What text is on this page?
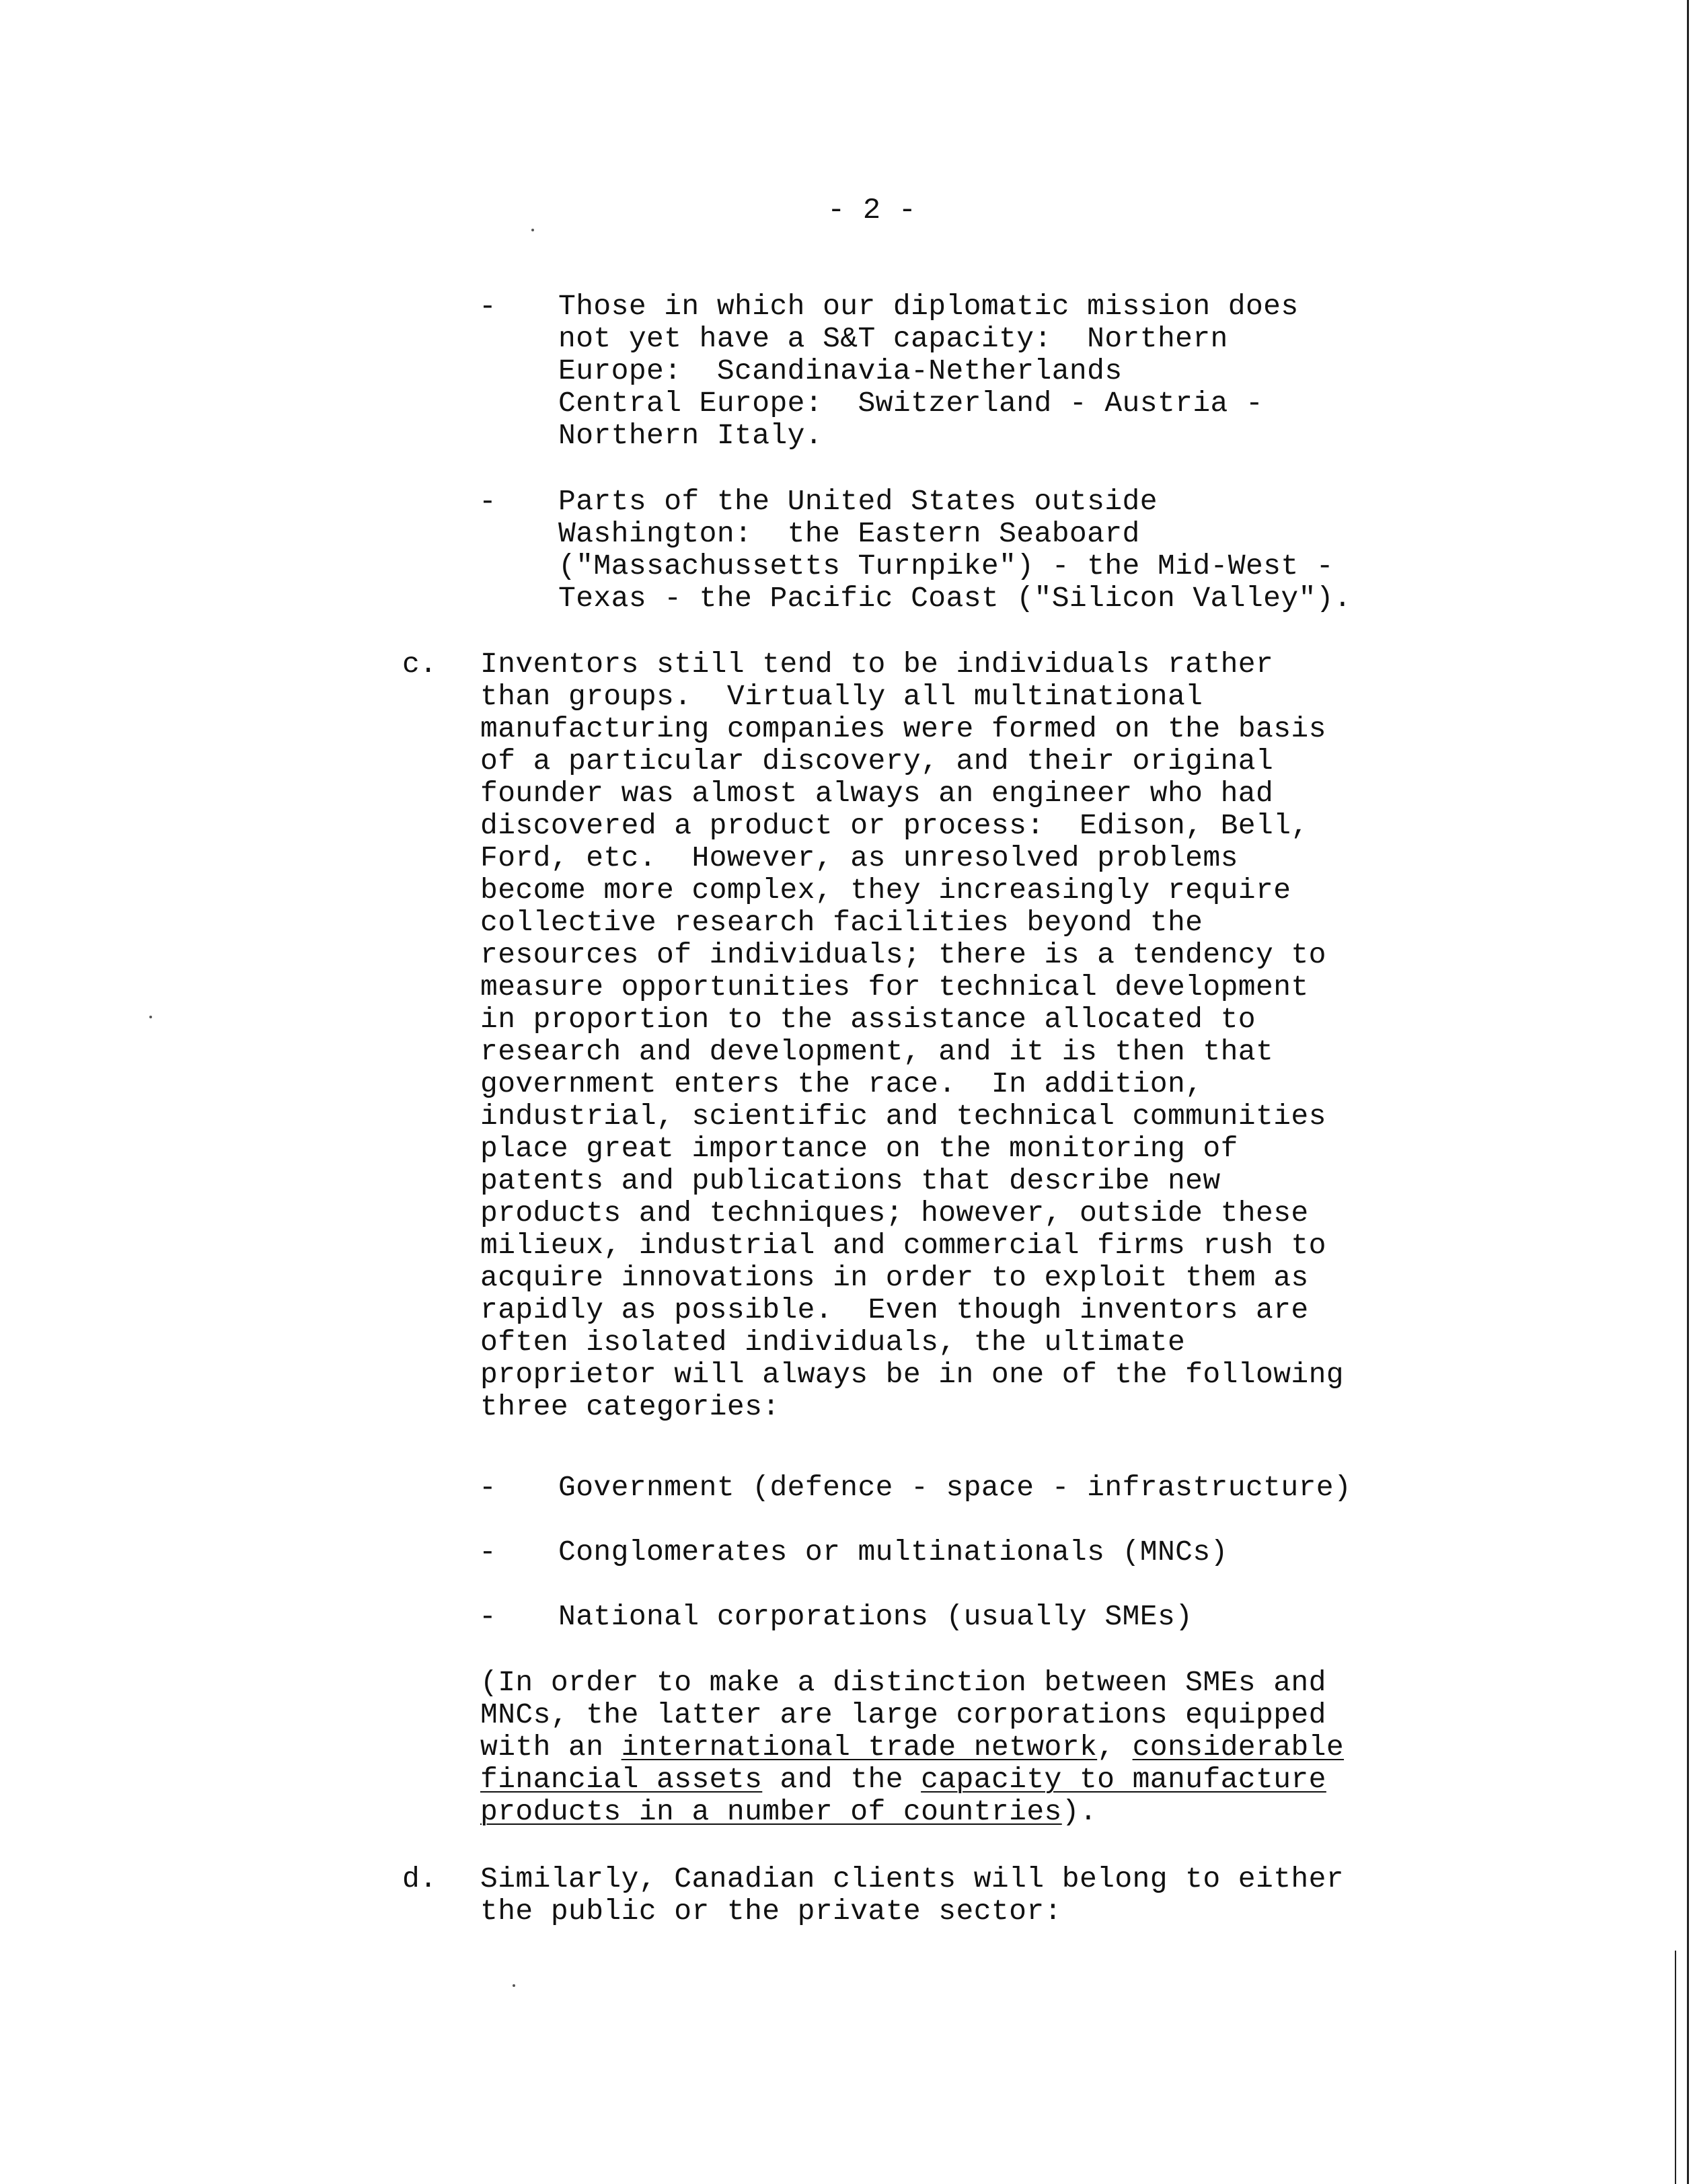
- 2 -
- Those in which our diplomatic mission does
not yet have a S&T capacity:  Northern
Europe:  Scandinavia-Netherlands
Central Europe:  Switzerland - Austria -
Northern Italy.
- Parts of the United States outside
Washington:  the Eastern Seaboard
("Massachussetts Turnpike") - the Mid-West -
Texas - the Pacific Coast ("Silicon Valley").
c. Inventors still tend to be individuals rather
than groups.  Virtually all multinational
manufacturing companies were formed on the basis
of a particular discovery, and their original
founder was almost always an engineer who had
discovered a product or process:  Edison, Bell,
Ford, etc.  However, as unresolved problems
become more complex, they increasingly require
collective research facilities beyond the
resources of individuals; there is a tendency to
measure opportunities for technical development
in proportion to the assistance allocated to
research and development, and it is then that
government enters the race.  In addition,
industrial, scientific and technical communities
place great importance on the monitoring of
patents and publications that describe new
products and techniques; however, outside these
milieux, industrial and commercial firms rush to
acquire innovations in order to exploit them as
rapidly as possible.  Even though inventors are
often isolated individuals, the ultimate
proprietor will always be in one of the following
three categories:
- Government (defence - space - infrastructure)
- Conglomerates or multinationals (MNCs)
- National corporations (usually SMEs)
(In order to make a distinction between SMEs and
MNCs, the latter are large corporations equipped
with an international trade network, considerable
financial assets and the capacity to manufacture
products in a number of countries).
d. Similarly, Canadian clients will belong to either
the public or the private sector:
